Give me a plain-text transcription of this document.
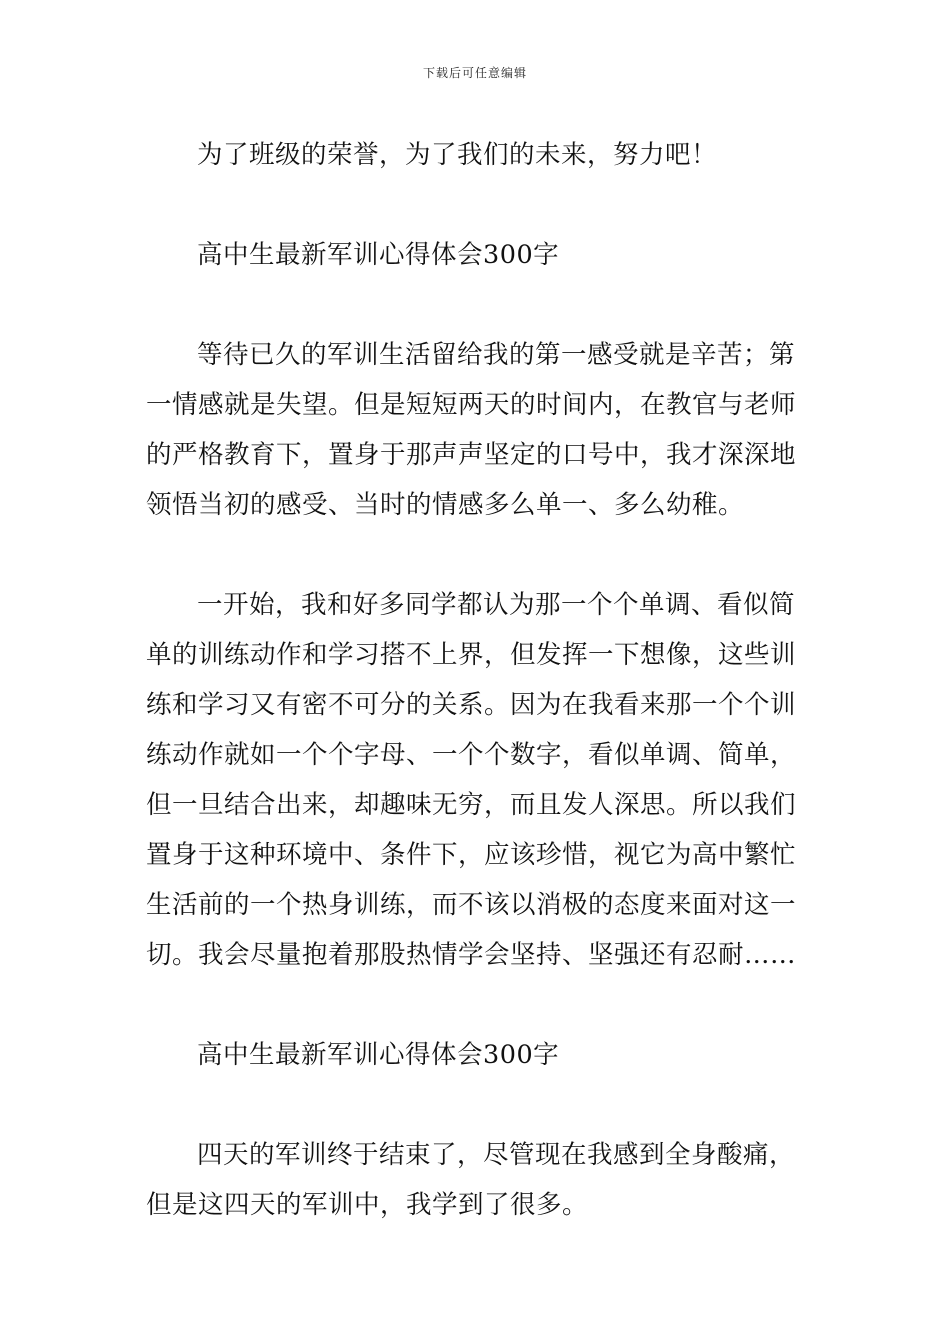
下载后可任意编辑

为了班级的荣誉，为了我们的未来，努力吧！

高中生最新军训心得体会300字

等待已久的军训生活留给我的第一感受就是辛苦；第一情感就是失望。但是短短两天的时间内，在教官与老师的严格教育下，置身于那声声坚定的口号中，我才深深地领悟当初的感受、当时的情感多么单一、多么幼稚。

一开始，我和好多同学都认为那一个个单调、看似简单的训练动作和学习搭不上界，但发挥一下想像，这些训练和学习又有密不可分的关系。因为在我看来那一个个训练动作就如一个个字母、一个个数字，看似单调、简单，但一旦结合出来，却趣味无穷，而且发人深思。所以我们置身于这种环境中、条件下，应该珍惜，视它为高中繁忙生活前的一个热身训练，而不该以消极的态度来面对这一切。我会尽量抱着那股热情学会坚持、坚强还有忍耐……

高中生最新军训心得体会300字

四天的军训终于结束了，尽管现在我感到全身酸痛，但是这四天的军训中，我学到了很多。
